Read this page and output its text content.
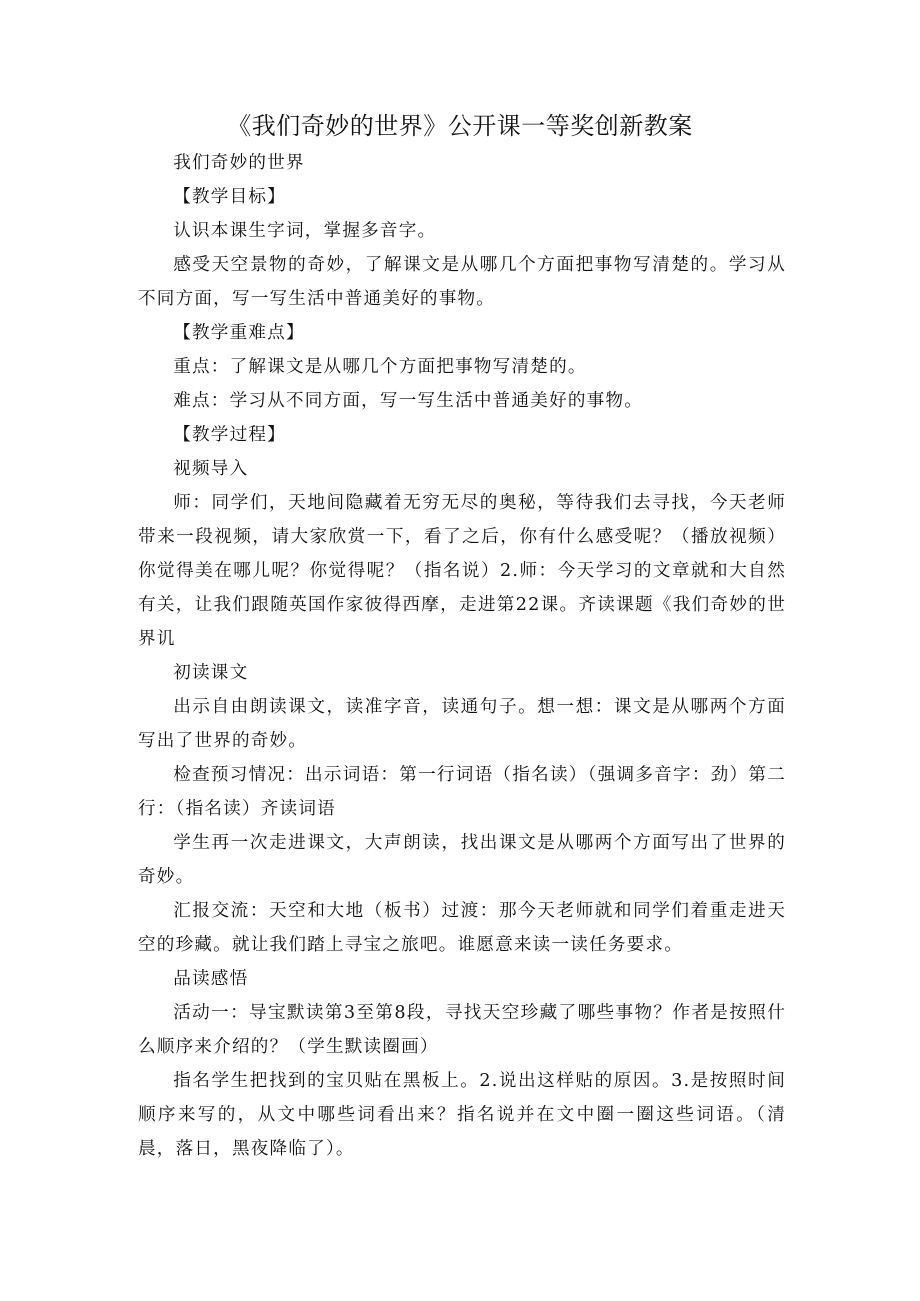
《我们奇妙的世界》公开课一等奖创新教案

我们奇妙的世界

【教学目标】

认识本课生字词，掌握多音字。

感受天空景物的奇妙，了解课文是从哪几个方面把事物写清楚的。学习从不同方面，写一写生活中普通美好的事物。

【教学重难点】

重点：了解课文是从哪几个方面把事物写清楚的。

难点：学习从不同方面，写一写生活中普通美好的事物。

【教学过程】

视频导入

师：同学们，天地间隐藏着无穷无尽的奥秘，等待我们去寻找，今天老师带来一段视频，请大家欣赏一下，看了之后，你有什么感受呢？（播放视频）你觉得美在哪儿呢？你觉得呢？（指名说）2.师：今天学习的文章就和大自然有关，让我们跟随英国作家彼得西摩，走进第22课。齐读课题《我们奇妙的世界讥

初读课文

出示自由朗读课文，读准字音，读通句子。想一想：课文是从哪两个方面写出了世界的奇妙。

检查预习情况：出示词语：第一行词语（指名读）（强调多音字：劲）第二行：（指名读）齐读词语

学生再一次走进课文，大声朗读，找出课文是从哪两个方面写出了世界的奇妙。

汇报交流：天空和大地（板书）过渡：那今天老师就和同学们着重走进天空的珍藏。就让我们踏上寻宝之旅吧。谁愿意来读一读任务要求。

品读感悟

活动一：导宝默读第3至第8段，寻找天空珍藏了哪些事物？作者是按照什么顺序来介绍的？（学生默读圈画）

指名学生把找到的宝贝贴在黑板上。2.说出这样贴的原因。3.是按照时间顺序来写的，从文中哪些词看出来？指名说并在文中圈一圈这些词语。（清晨，落日，黑夜降临了）。
